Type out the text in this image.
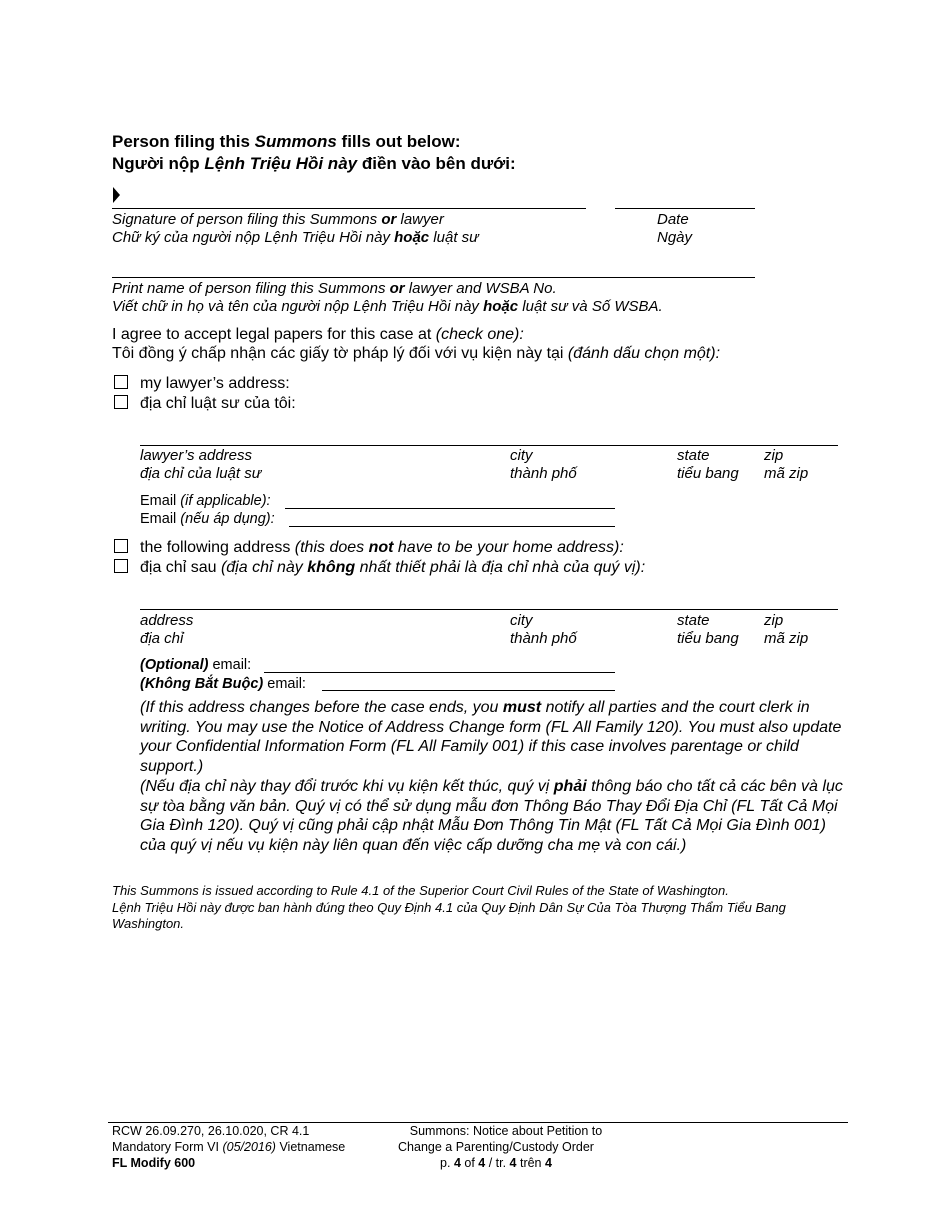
Person filing this Summons fills out below:
Người nộp Lệnh Triệu Hồi này điền vào bên dưới:
Signature of person filing this Summons or lawyer
Chữ ký của người nộp Lệnh Triệu Hồi này hoặc luật sư
Date
Ngày
Print name of person filing this Summons or lawyer and WSBA No.
Viết chữ in họ và tên của người nộp Lệnh Triệu Hồi này hoặc luật sư và Số WSBA.
I agree to accept legal papers for this case at (check one):
Tôi đồng ý chấp nhận các giấy tờ pháp lý đối với vụ kiện này tại (đánh dấu chọn một):
my lawyer’s address:
địa chỉ luật sư của tôi:
lawyer’s address
địa chỉ của luật sư
city
thành phố
state
tiểu bang
zip
mã zip
Email (if applicable):
Email (nếu áp dụng):
the following address (this does not have to be your home address):
địa chỉ sau (địa chỉ này không nhất thiết phải là địa chỉ nhà của quý vị):
address
địa chỉ
city
thành phố
state
tiểu bang
zip
mã zip
(Optional) email:
(Không Bắt Buộc) email:
(If this address changes before the case ends, you must notify all parties and the court clerk in writing. You may use the Notice of Address Change form (FL All Family 120). You must also update your Confidential Information Form (FL All Family 001) if this case involves parentage or child support.)
(Nếu địa chỉ này thay đổi trước khi vụ kiện kết thúc, quý vị phải thông báo cho tất cả các bên và lục sự tòa bằng văn bản. Quý vị có thể sử dụng mẫu đơn Thông Báo Thay Đổi Địa Chỉ (FL Tất Cả Mọi Gia Đình 120). Quý vị cũng phải cập nhật Mẫu Đơn Thông Tin Mật (FL Tất Cả Mọi Gia Đình 001) của quý vị nếu vụ kiện này liên quan đến việc cấp dưỡng cha mẹ và con cái.)
This Summons is issued according to Rule 4.1 of the Superior Court Civil Rules of the State of Washington.
Lệnh Triệu Hồi này được ban hành đúng theo Quy Định 4.1 của Quy Định Dân Sự Của Tòa Thượng Thẩm Tiểu Bang Washington.
RCW 26.09.270, 26.10.020, CR 4.1
Mandatory Form VI (05/2016) Vietnamese
FL Modify 600
Summons: Notice about Petition to
Change a Parenting/Custody Order
p. 4 of 4 / tr. 4 trên 4
